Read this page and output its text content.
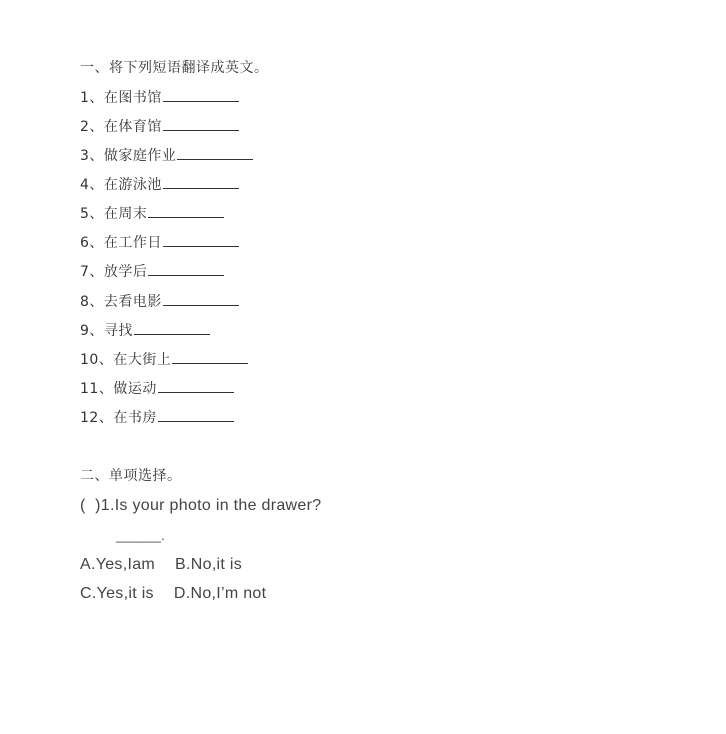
一、将下列短语翻译成英文。
1、在图书馆
2、在体育馆
3、做家庭作业
4、在游泳池
5、在周末
6、在工作日
7、放学后
8、去看电影
9、寻找
10、在大街上
11、做运动
12、在书房
二、单项选择。
(  )1.Is your photo in the drawer?
______.
A.Yes,Iam B.No,it is
C.Yes,it is D.No,I’m not
